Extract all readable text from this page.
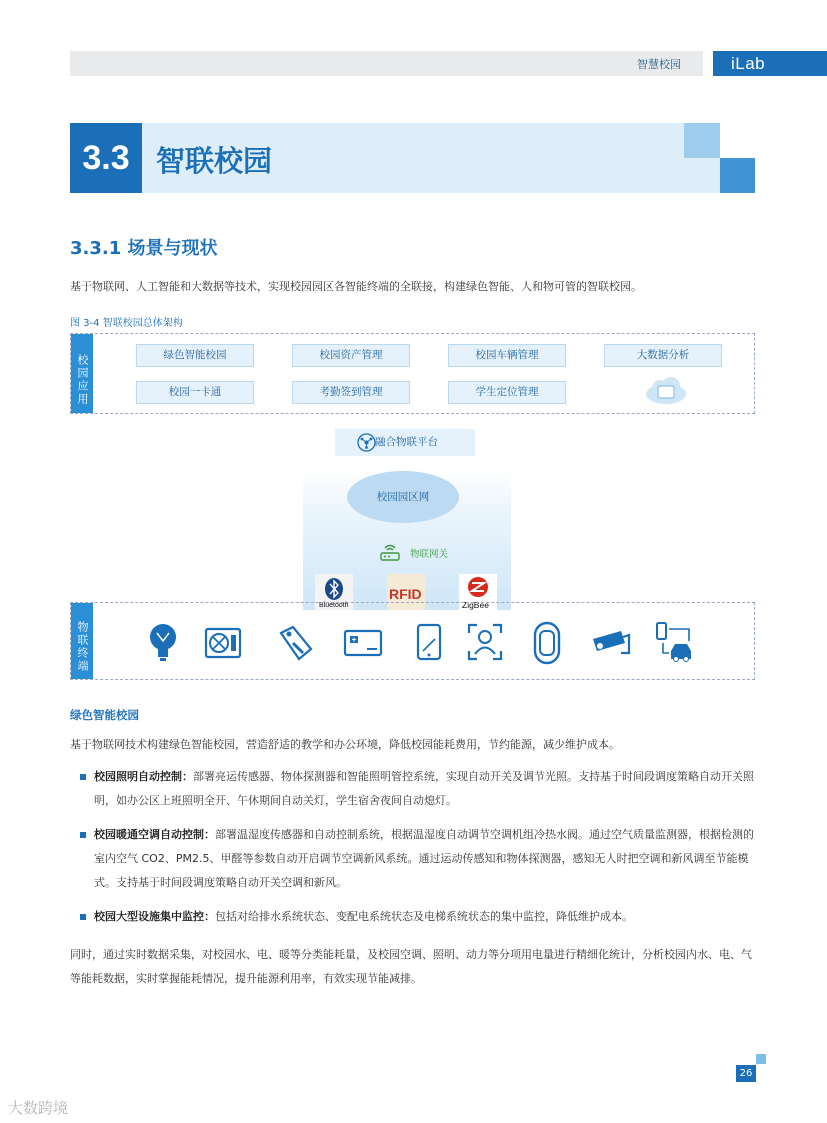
智慧校园	iLab
3.3 智联校园
3.3.1 场景与现状
基于物联网、人工智能和大数据等技术，实现校园园区各智能终端的全联接，构建绿色智能、人和物可管的智联校园。
图 3-4 智联校园总体架构
校园应用	绿色智能校园	校园资产管理	校园车辆管理	大数据分析
校园一卡通	考勤签到管理	学生定位管理
融合物联平台
校园园区网
物联网关
Bluetooth
RFID
ZigBee
物联终端
绿色智能校园
基于物联网技术构建绿色智能校园，营造舒适的教学和办公环境，降低校园能耗费用，节约能源，减少维护成本。
校园照明自动控制：部署亮运传感器、物体探测器和智能照明管控系统，实现自动开关及调节光照。支持基于时间段调度策略自动开关照明，如办公区上班照明全开、午休期间自动关灯，学生宿舍夜间自动熄灯。
校园暖通空调自动控制：部署温湿度传感器和自动控制系统，根据温湿度自动调节空调机组冷热水阀。通过空气质量监测器，根据检测的室内空气 CO2、PM2.5、甲醛等参数自动开启调节空调新风系统。通过运动传感知和物体探测器，感知无人时把空调和新风调至节能模式。支持基于时间段调度策略自动开关空调和新风。
校园大型设施集中监控：包括对给排水系统状态、变配电系统状态及电梯系统状态的集中监控，降低维护成本。
同时，通过实时数据采集，对校园水、电、暖等分类能耗量，及校园空调、照明、动力等分项用电量进行精细化统计，分析校园内水、电、气等能耗数据，实时掌握能耗情况，提升能源利用率，有效实现节能减排。
26
大数跨境
